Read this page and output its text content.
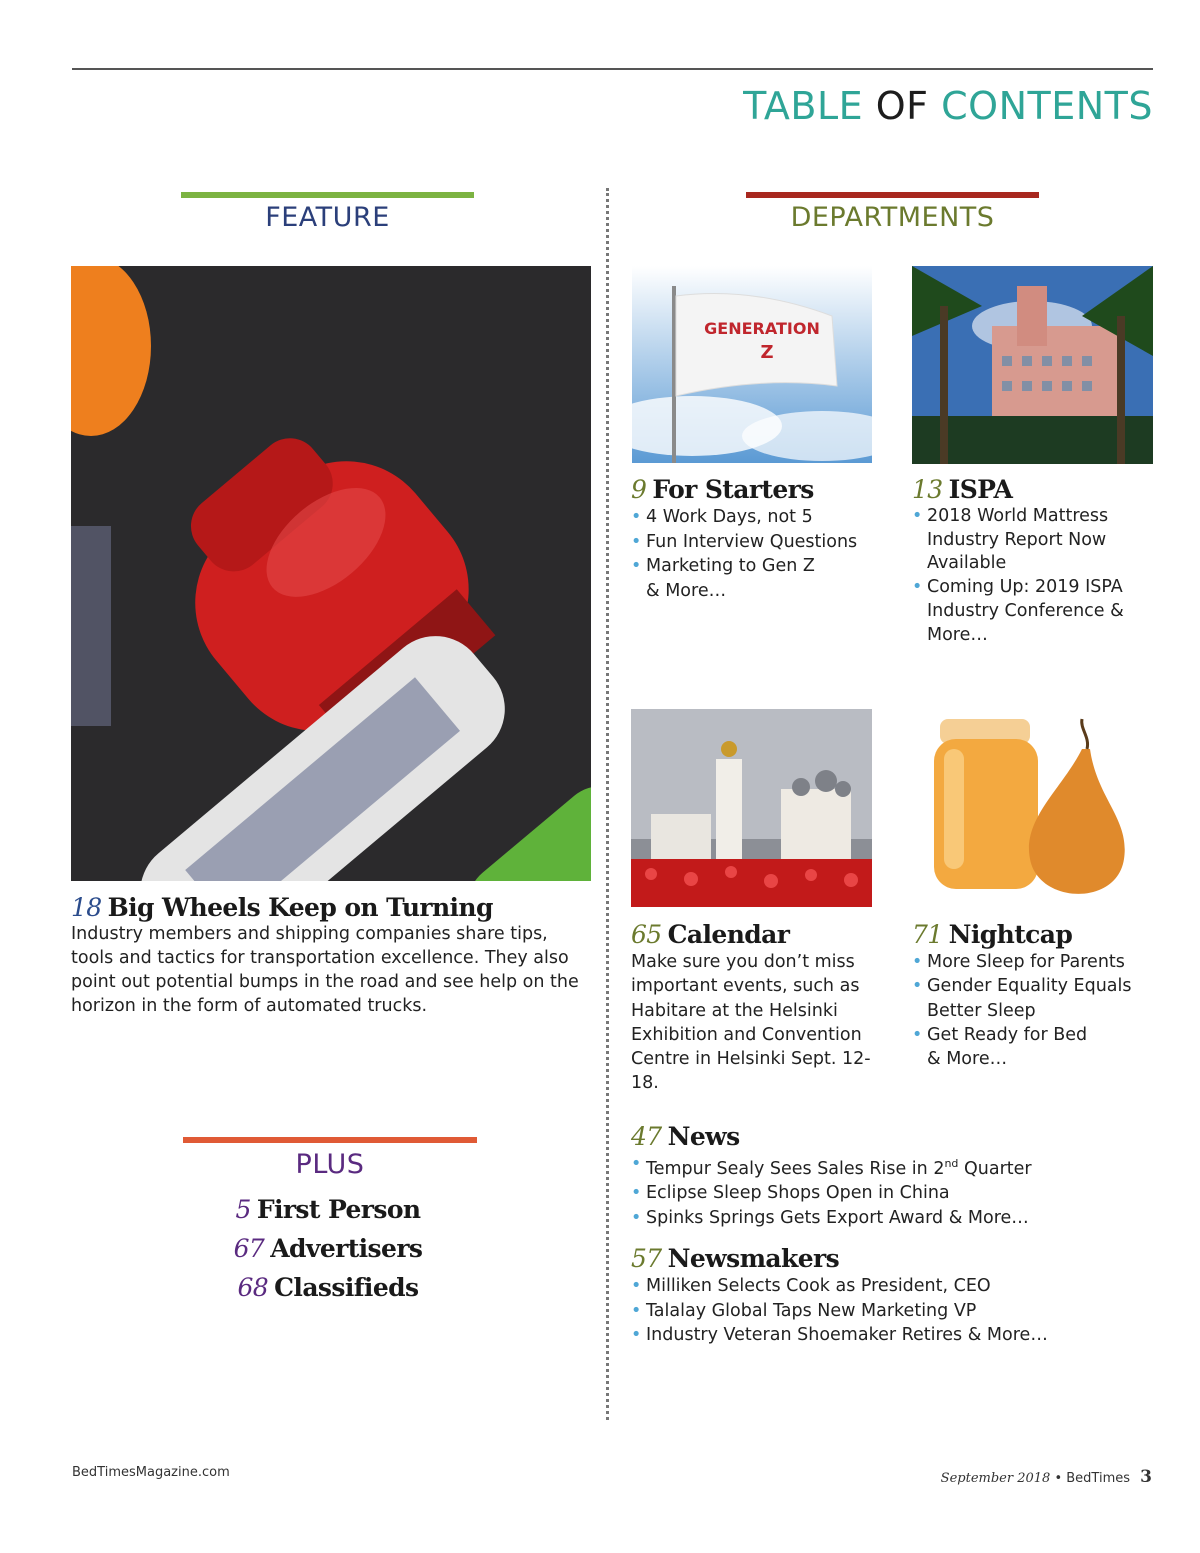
TABLE OF CONTENTS
FEATURE	DEPARTMENTS
18 Big Wheels Keep on Turning

Industry members and shipping companies share tips, tools and tactics for transportation excellence. They also point out potential bumps in the road and see help on the horizon in the form of automated trucks.

GENERATION
Z
9 For Starters
• 4 Work Days, not 5
• Fun Interview Questions
• Marketing to Gen Z
& More…
13 ISPA
• 2018 World Mattress
Industry Report Now
Available
• Coming Up: 2019 ISPA
Industry Conference &
More…
65 Calendar
Make sure you don’t miss
important events, such as
Habitare at the Helsinki
Exhibition and Convention
Centre in Helsinki Sept. 12-18.
71 Nightcap
• More Sleep for Parents
• Gender Equality Equals
Better Sleep
• Get Ready for Bed
& More…
47 News
• Tempur Sealy Sees Sales Rise in 2nd Quarter
• Eclipse Sleep Shops Open in China
• Spinks Springs Gets Export Award & More…
57 Newsmakers
• Milliken Selects Cook as President, CEO
• Talalay Global Taps New Marketing VP
• Industry Veteran Shoemaker Retires & More…
PLUS
5 First Person
67 Advertisers
68 Classifieds
BedTimesMagazine.com	September 2018 • BedTimes 3
